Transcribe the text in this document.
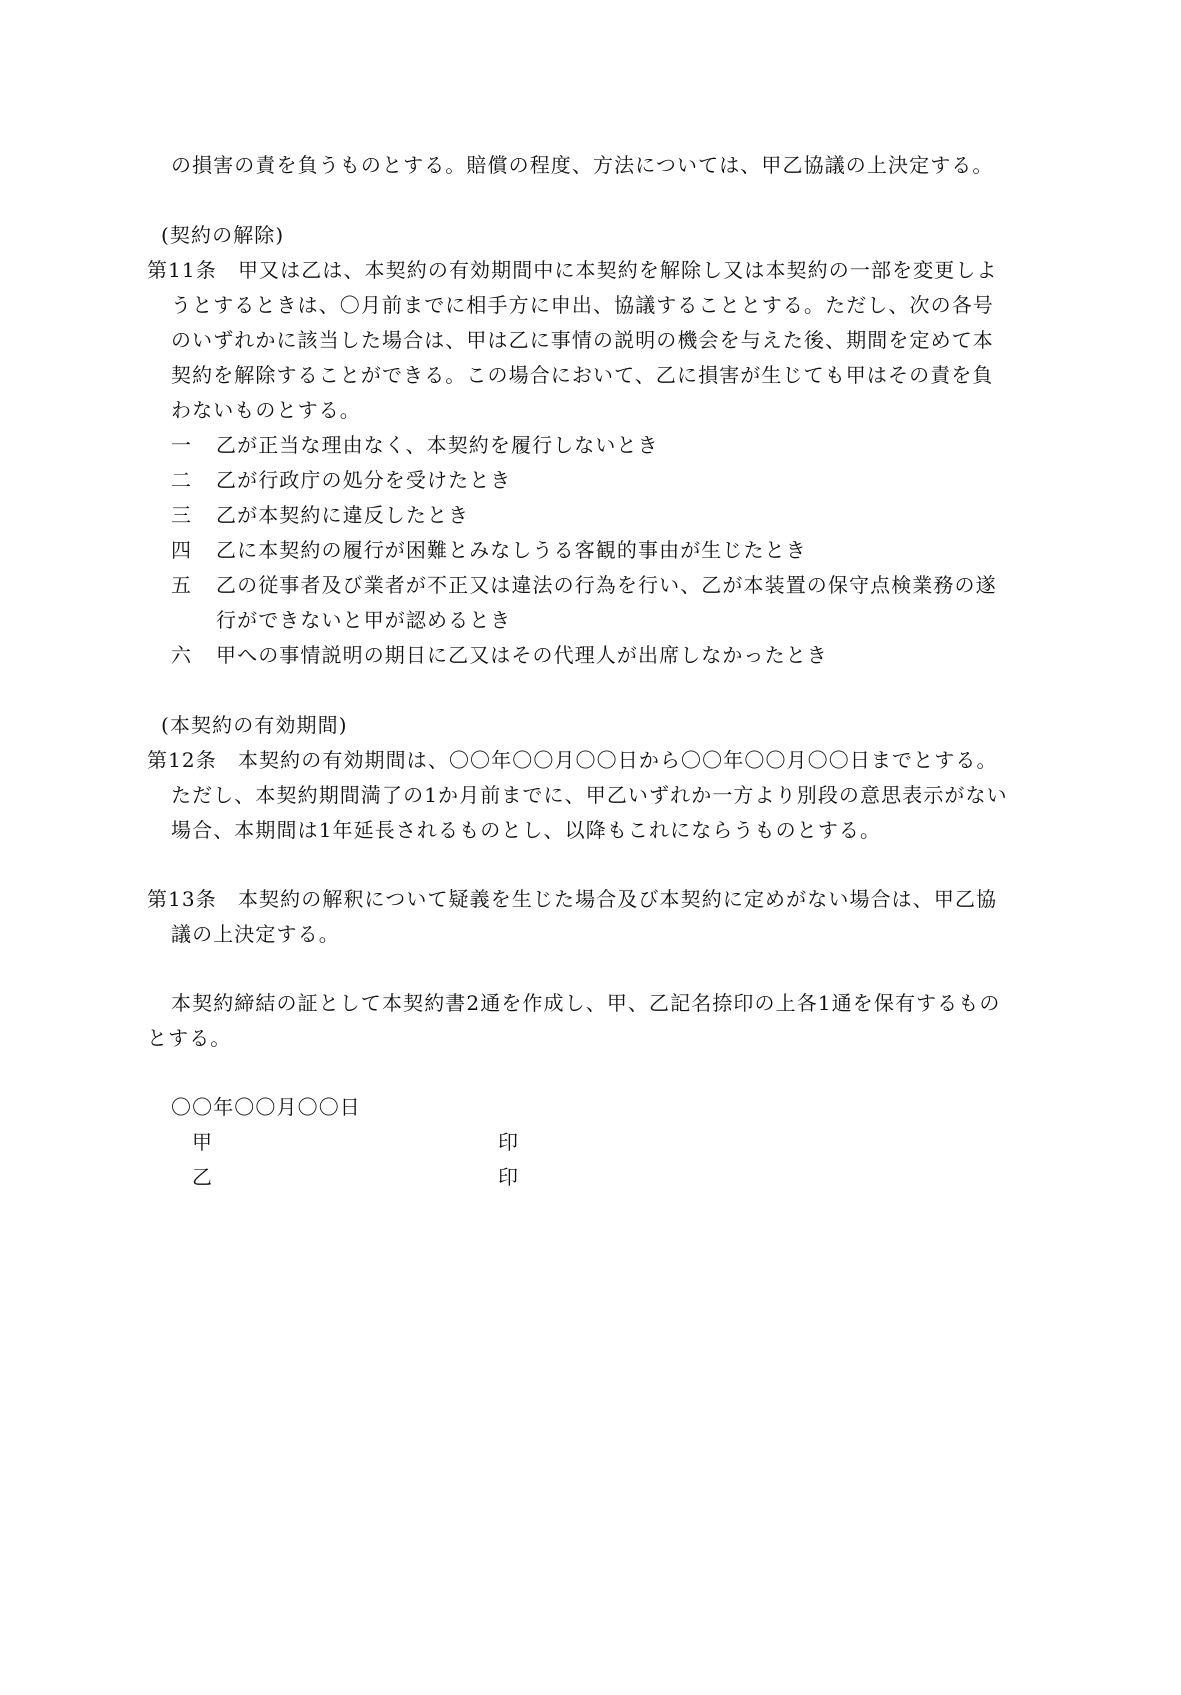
の損害の責を負うものとする。賠償の程度、方法については、甲乙協議の上決定する。
(契約の解除)
第11条　甲又は乙は、本契約の有効期間中に本契約を解除し又は本契約の一部を変更しよ
うとするときは、〇月前までに相手方に申出、協議することとする。ただし、次の各号
のいずれかに該当した場合は、甲は乙に事情の説明の機会を与えた後、期間を定めて本
契約を解除することができる。この場合において、乙に損害が生じても甲はその責を負
わないものとする。
一 乙が正当な理由なく、本契約を履行しないとき
二 乙が行政庁の処分を受けたとき
三 乙が本契約に違反したとき
四 乙に本契約の履行が困難とみなしうる客観的事由が生じたとき
五 乙の従事者及び業者が不正又は違法の行為を行い、乙が本装置の保守点検業務の遂
行ができないと甲が認めるとき
六 甲への事情説明の期日に乙又はその代理人が出席しなかったとき
(本契約の有効期間)
第12条　本契約の有効期間は、〇〇年〇〇月〇〇日から〇〇年〇〇月〇〇日までとする。
ただし、本契約期間満了の1か月前までに、甲乙いずれか一方より別段の意思表示がない
場合、本期間は1年延長されるものとし、以降もこれにならうものとする。
第13条　本契約の解釈について疑義を生じた場合及び本契約に定めがない場合は、甲乙協
議の上決定する。
本契約締結の証として本契約書2通を作成し、甲、乙記名捺印の上各1通を保有するもの
とする。
〇〇年〇〇月〇〇日
甲	印
乙	印
